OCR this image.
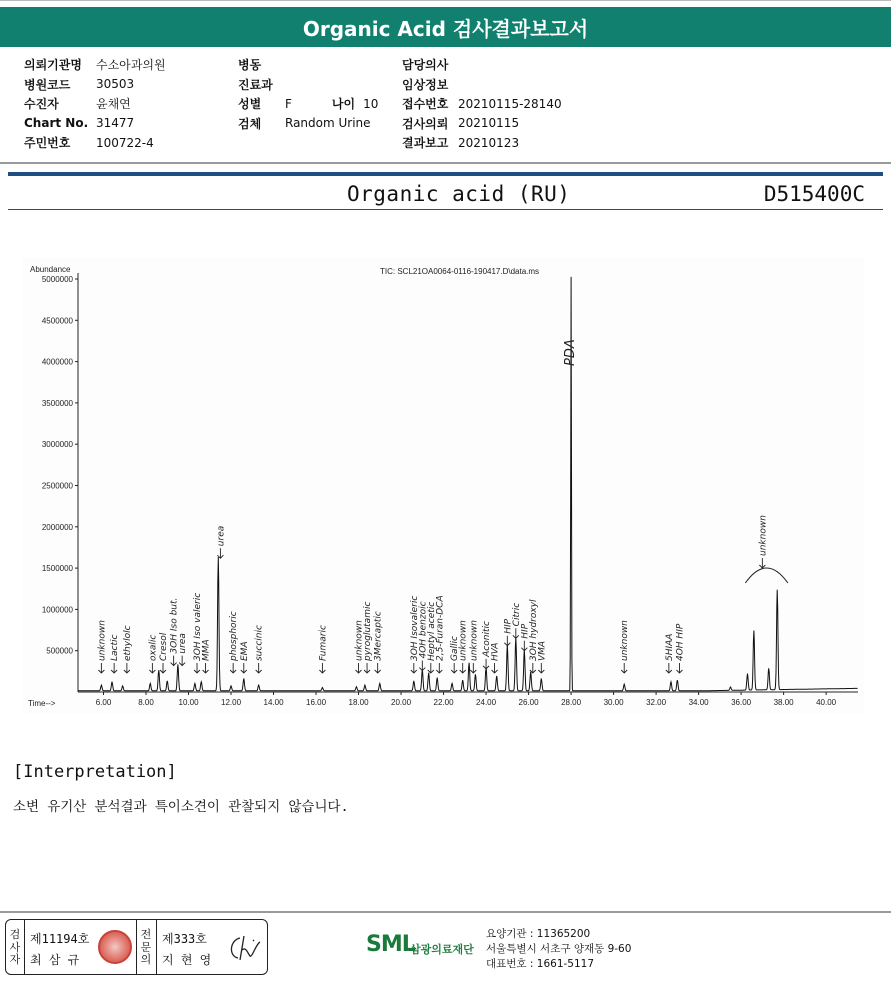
Organic Acid 검사결과보고서
의뢰기관명	수소아과의원
병원코드	30503
수진자	윤채연
Chart No. 31477
주민번호	100722-4
병동
진료과
성별	F	나이 10
검체	Random Urine
담당의사
임상정보
접수번호 20210115-28140
검사의뢰 20210115
결과보고 20210123
Organic acid (RU)	D515400C
Abundance
Time-->
TIC: SCL21OA0064-0116-190417.D\data.ms
500000
1000000
1500000
2000000
2500000
3000000
3500000
4000000
4500000
5000000
6.00	8.00	10.00	12.00	14.00	16.00	18.00	20.00	22.00	24.00	26.00	28.00	30.00	32.00	34.00	36.00	38.00	40.00
unknown Lactic ethylolc oxalic Cresol 3OH Iso but.
urea 3OH Iso valeric
MMA
urea
phosphoric EMA succinic	Fumaric	unknown
pyroglutamic 3Mercaptic	3OH Isovaleric
4OH benzoic
Heptyl acetic
2,5-Furan-DCA Gallic
unknown unknown Aconitic
HVA
HIP
Citric
HIP
3OH hydroxyl
VMA
PDA
unknown	5HIAA 4OH HIP
unknown
[Interpretation]
소변 유기산 분석결과 특이소견이 관찰되지 않습니다.
검사자
제11194호
최 삼 규
전문의
제333호
지 현 영
SML
삼광의료재단
요양기관 : 11365200
서울특별시 서초구 양재동 9-60
대표번호 : 1661-5117
